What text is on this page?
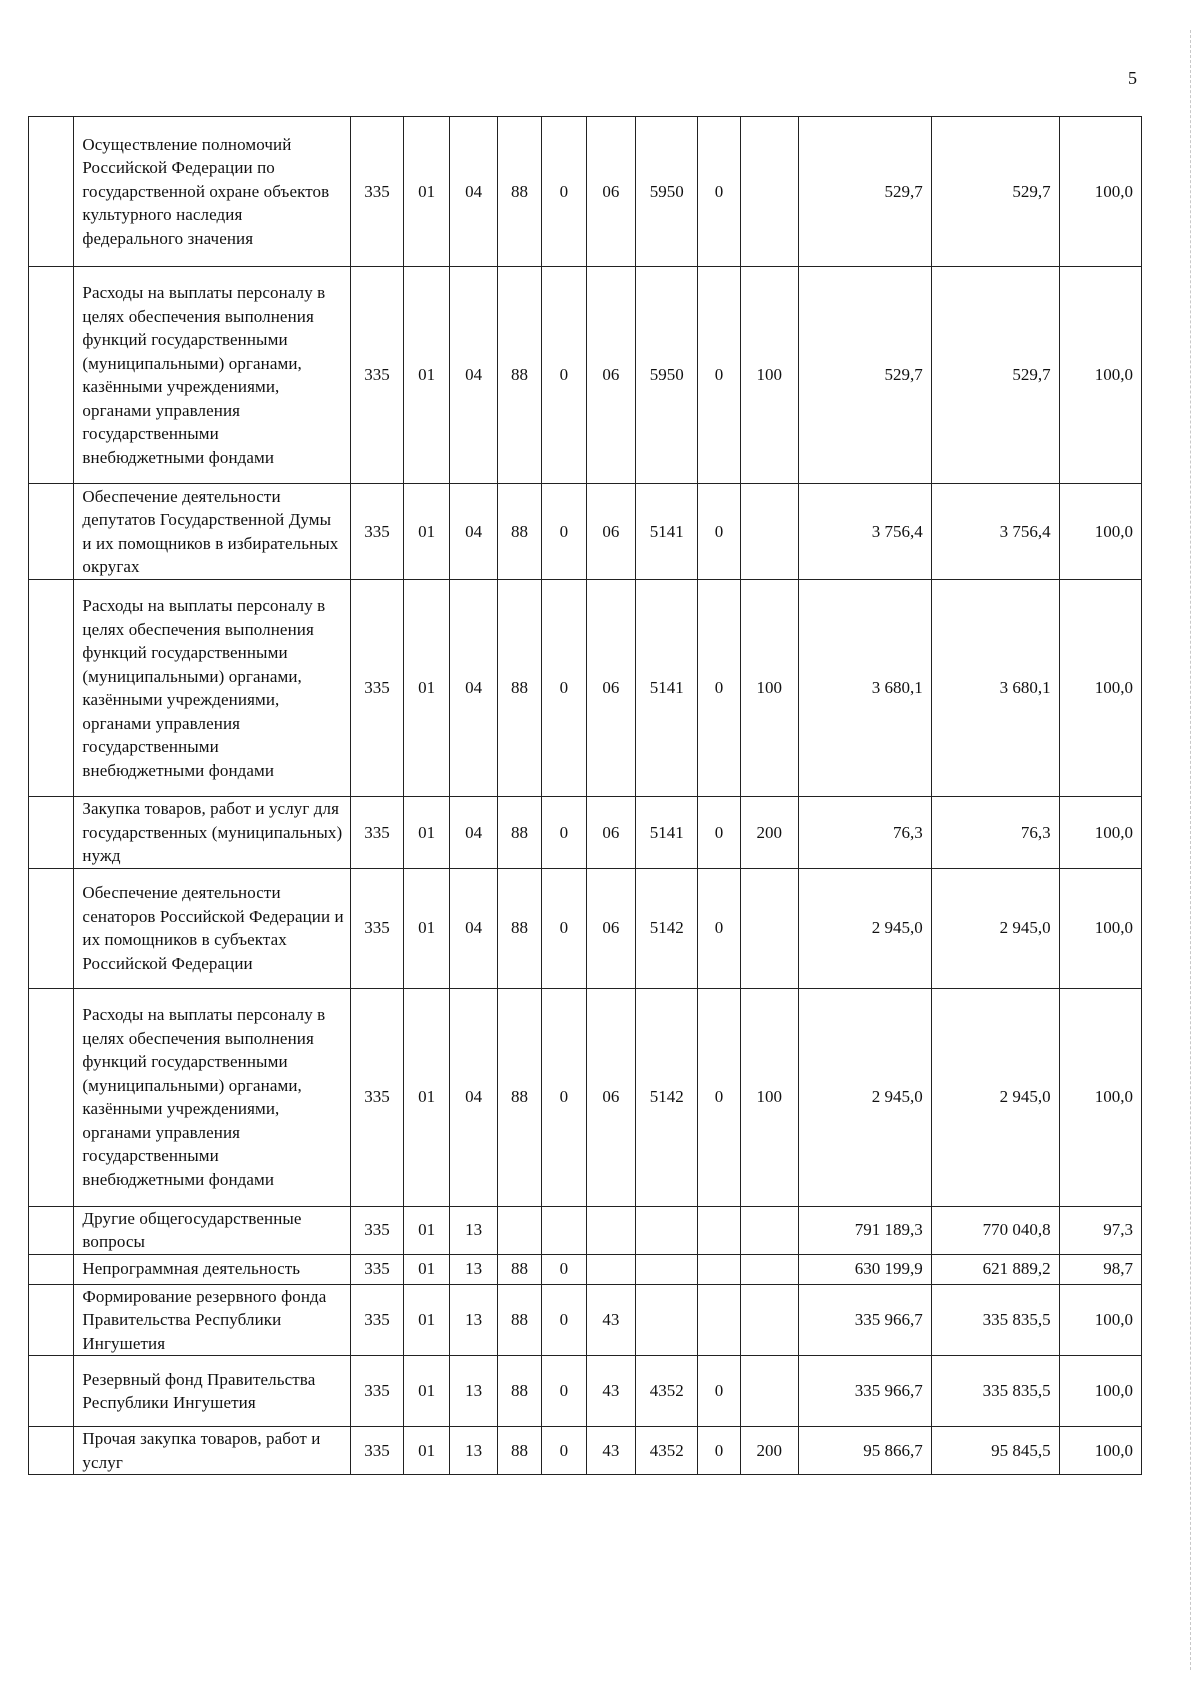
5
	Осуществление полномочий Российской Федерации по государственной охране объектов культурного наследия федерального значения	335	01	04	88	0	06	5950	0		529,7	529,7	100,0
	Расходы на выплаты персоналу в целях обеспечения выполнения функций государственными (муниципальными) органами, казёнными учреждениями, органами управления государственными внебюджетными фондами	335	01	04	88	0	06	5950	0	100	529,7	529,7	100,0
	Обеспечение деятельности депутатов Государственной Думы и их помощников в избирательных округах	335	01	04	88	0	06	5141	0		3 756,4	3 756,4	100,0
	Расходы на выплаты персоналу в целях обеспечения выполнения функций государственными (муниципальными) органами, казёнными учреждениями, органами управления государственными внебюджетными фондами	335	01	04	88	0	06	5141	0	100	3 680,1	3 680,1	100,0
	Закупка товаров, работ и услуг для государственных (муниципальных) нужд	335	01	04	88	0	06	5141	0	200	76,3	76,3	100,0
	Обеспечение деятельности сенаторов Российской Федерации и их помощников в субъектах Российской Федерации	335	01	04	88	0	06	5142	0		2 945,0	2 945,0	100,0
	Расходы на выплаты персоналу в целях обеспечения выполнения функций государственными (муниципальными) органами, казёнными учреждениями, органами управления государственными внебюджетными фондами	335	01	04	88	0	06	5142	0	100	2 945,0	2 945,0	100,0
	Другие общегосударственные вопросы	335	01	13							791 189,3	770 040,8	97,3
	Непрограммная деятельность	335	01	13	88	0					630 199,9	621 889,2	98,7
	Формирование резервного фонда Правительства Республики Ингушетия	335	01	13	88	0	43				335 966,7	335 835,5	100,0
	Резервный фонд Правительства Республики Ингушетия	335	01	13	88	0	43	4352	0		335 966,7	335 835,5	100,0
	Прочая закупка товаров, работ и услуг	335	01	13	88	0	43	4352	0	200	95 866,7	95 845,5	100,0
